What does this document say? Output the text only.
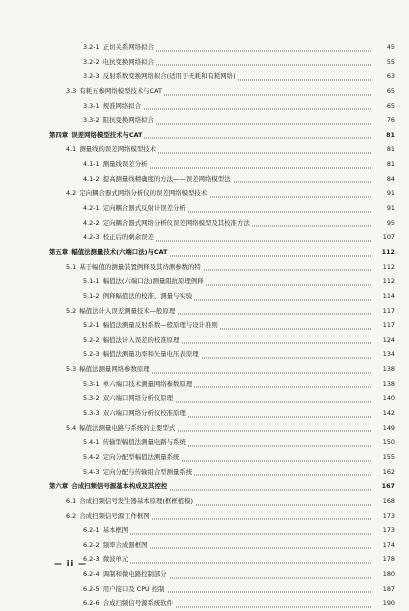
3.2-1  正切关系网络拟合	45
3.2-2  电抗变换网络拟合	55
3.2-3  反射系数变换网络拟合(适用于无耗和有耗网络)	63
3.3  有耗五参网络模型技术与CAT	65
3.3-1  规准网络拟合	65
3.3-2  阻抗变换网络拟合	76
第四章  误差网络模型技术与CAT	81
4.1  测量线的误差网络模型技术	81
4.1-1  测量线误差分析	81
4.1-2  提高测量线精确度的方法——误差网络模型法	84
4.2  定向耦合器式网络分析仪的误差网络模型技术	91
4.2-1  定向耦合器式反射计误差分析	91
4.2-2  定向耦合器式网络分析仪误差网络模型及其校准方法	95
4.2-3  校正后的剩余误差	107
第五章  幅值法测量技术(六端口法)与CAT	112
5.1  基于幅值的测量装置例释及其待测参数的特	112
5.1-1  幅值法(六端口法)测量阻抗原理例释	112
5.1-2  例释幅值法的校准、测量与实验	114
5.2  幅值法计入误差测量技术—般原理	117
5.2-1  幅值法测量反射系数—般原理与设计准则	117
5.2-2  幅值法计入误差的校准原理	124
5.2-3  幅值法测量功率和矢量电压表原理	134
5.3  幅值法测量网络参数原理	138
5.3-1  单六端口技术测量网络参数原理	138
5.3-2  双六端口网络分析仪原理	140
5.3-3  双六端口网络分析仪校准原理	142
5.4  幅值法测量电路与系统的主要型式	149
5.4-1  传输型幅值法测量电路与系统	150
5.4-2  定向分配型幅值法测量系统	155
5.4-3  定向分配与传输组合型测量系统	162
第六章  合成扫频信号源基本构成及其控控	167
6.1  合成扫频信号发生器基本原理(框框植模)	168
6.2  合成扫频信号源工作框图	173
6.2-1  基本框图	173
6.2-2  频率合成器框图	174
6.2-3  微波单元	178
6.2-4  调制和微电路控制部分	180
6.2-5  用户接口及 CPU 控制	187
6.2-6  合成扫频信号源系统软件	190
— ii —
